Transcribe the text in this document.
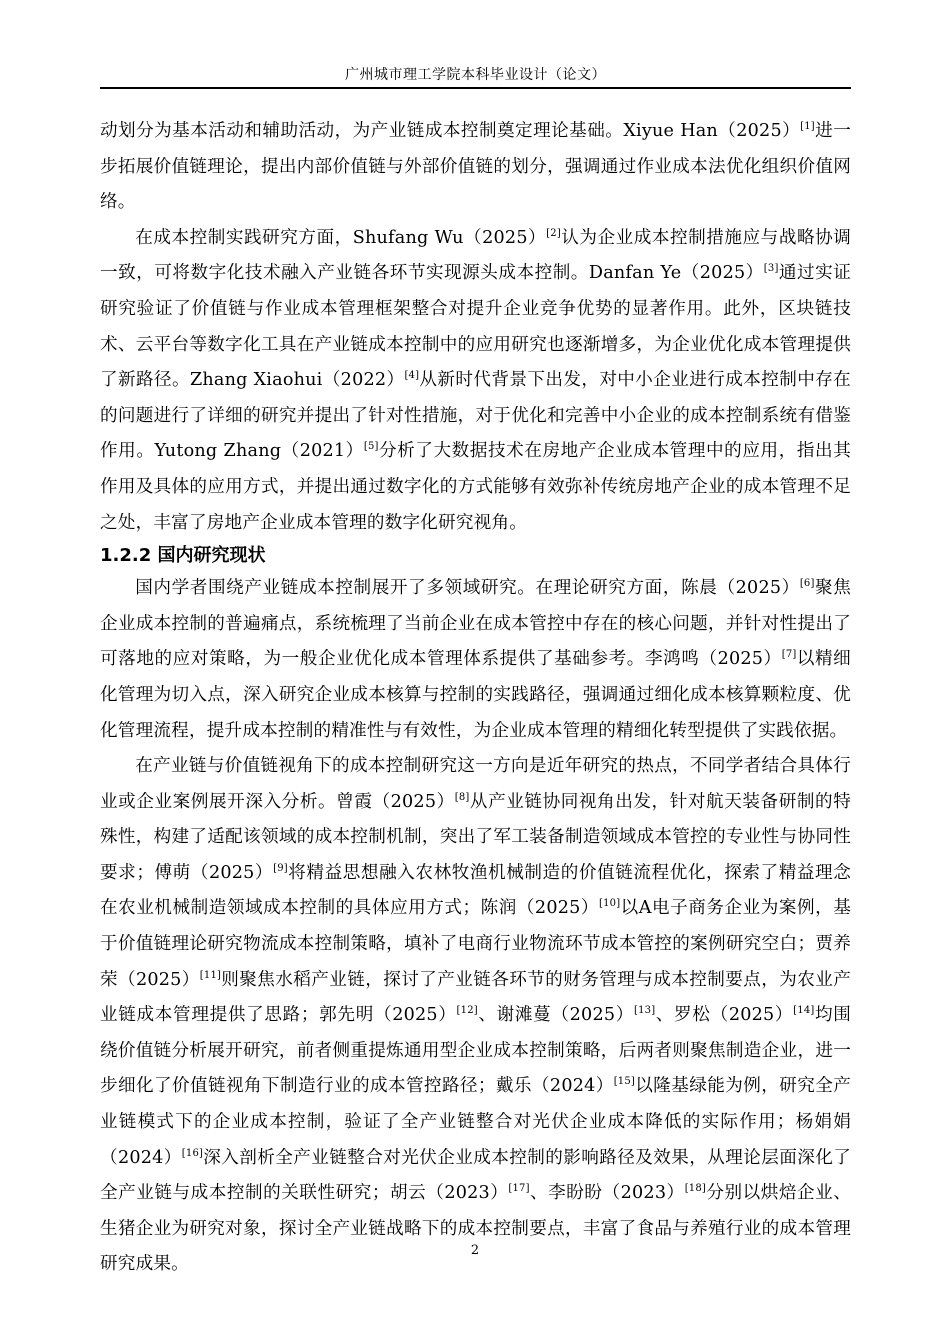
广州城市理工学院本科毕业设计（论文）

动划分为基本活动和辅助活动，为产业链成本控制奠定理论基础。Xiyue Han（2025）[1]进一步拓展价值链理论，提出内部价值链与外部价值链的划分，强调通过作业成本法优化组织价值网络。

在成本控制实践研究方面，Shufang Wu（2025）[2]认为企业成本控制措施应与战略协调一致，可将数字化技术融入产业链各环节实现源头成本控制。Danfan Ye（2025）[3]通过实证研究验证了价值链与作业成本管理框架整合对提升企业竞争优势的显著作用。此外，区块链技术、云平台等数字化工具在产业链成本控制中的应用研究也逐渐增多，为企业优化成本管理提供了新路径。Zhang Xiaohui（2022）[4]从新时代背景下出发，对中小企业进行成本控制中存在的问题进行了详细的研究并提出了针对性措施，对于优化和完善中小企业的成本控制系统有借鉴作用。Yutong Zhang（2021）[5]分析了大数据技术在房地产企业成本管理中的应用，指出其作用及具体的应用方式，并提出通过数字化的方式能够有效弥补传统房地产企业的成本管理不足之处，丰富了房地产企业成本管理的数字化研究视角。

1.2.2 国内研究现状

国内学者围绕产业链成本控制展开了多领域研究。在理论研究方面，陈晨（2025）[6]聚焦企业成本控制的普遍痛点，系统梳理了当前企业在成本管控中存在的核心问题，并针对性提出了可落地的应对策略，为一般企业优化成本管理体系提供了基础参考。李鸿鸣（2025）[7]以精细化管理为切入点，深入研究企业成本核算与控制的实践路径，强调通过细化成本核算颗粒度、优化管理流程，提升成本控制的精准性与有效性，为企业成本管理的精细化转型提供了实践依据。

在产业链与价值链视角下的成本控制研究这一方向是近年研究的热点，不同学者结合具体行业或企业案例展开深入分析。曾霞（2025）[8]从产业链协同视角出发，针对航天装备研制的特殊性，构建了适配该领域的成本控制机制，突出了军工装备制造领域成本管控的专业性与协同性要求；傅萌（2025）[9]将精益思想融入农林牧渔机械制造的价值链流程优化，探索了精益理念在农业机械制造领域成本控制的具体应用方式；陈润（2025）[10]以A电子商务企业为案例，基于价值链理论研究物流成本控制策略，填补了电商行业物流环节成本管控的案例研究空白；贾养荣（2025）[11]则聚焦水稻产业链，探讨了产业链各环节的财务管理与成本控制要点，为农业产业链成本管理提供了思路；郭先明（2025）[12]、谢滩蔓（2025）[13]、罗松（2025）[14]均围绕价值链分析展开研究，前者侧重提炼通用型企业成本控制策略，后两者则聚焦制造企业，进一步细化了价值链视角下制造行业的成本管控路径；戴乐（2024）[15]以隆基绿能为例，研究全产业链模式下的企业成本控制，验证了全产业链整合对光伏企业成本降低的实际作用；杨娟娟（2024）[16]深入剖析全产业链整合对光伏企业成本控制的影响路径及效果，从理论层面深化了全产业链与成本控制的关联性研究；胡云（2023）[17]、李盼盼（2023）[18]分别以烘焙企业、生猪企业为研究对象，探讨全产业链战略下的成本控制要点，丰富了食品与养殖行业的成本管理研究成果。

2
